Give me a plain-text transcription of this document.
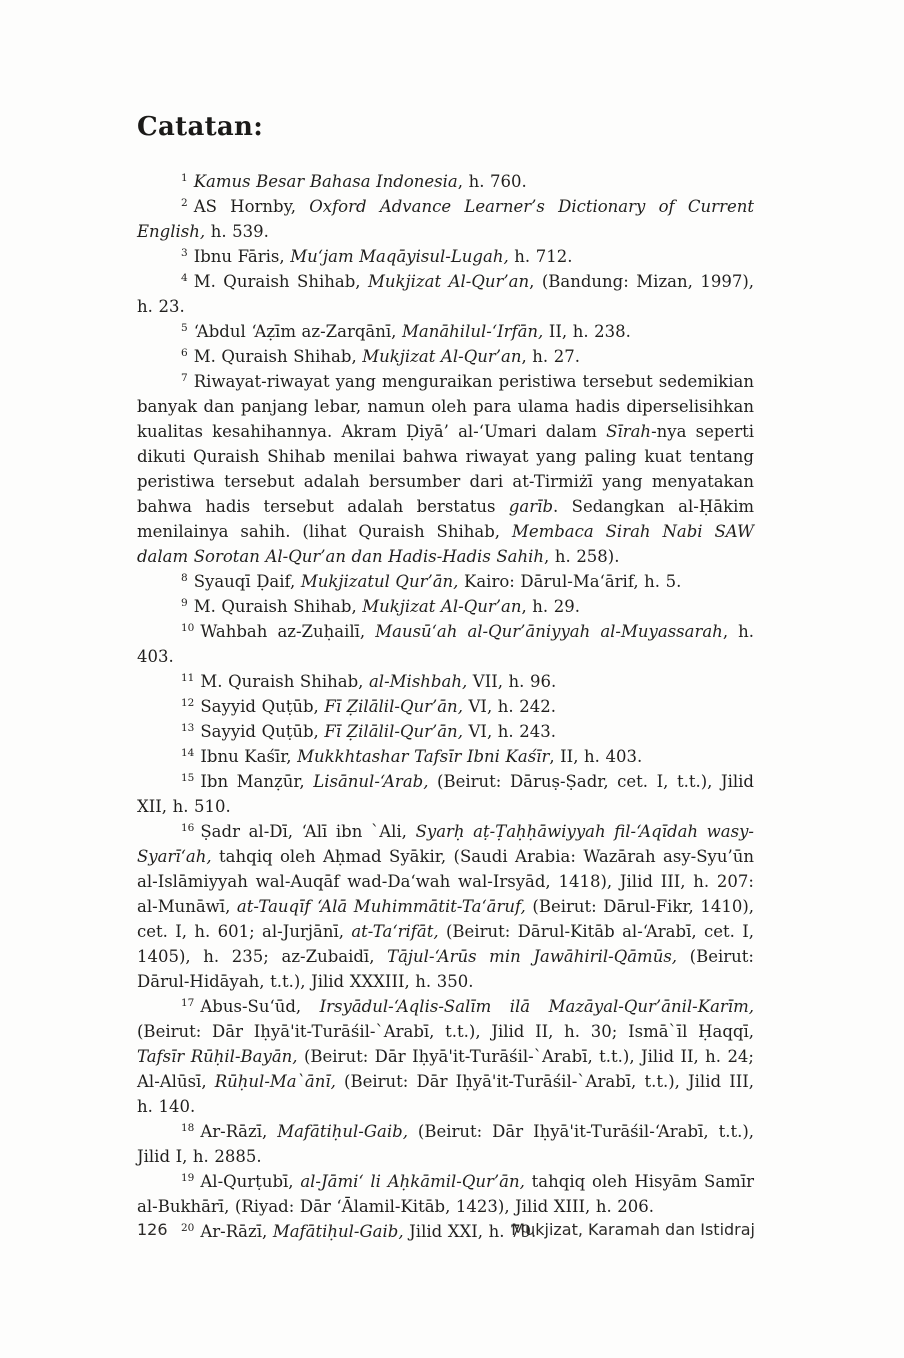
Catatan:

$^1$ Kamus Besar Bahasa Indonesia, h. 760.

$^2$ AS Hornby, Oxford Advance Learner’s Dictionary of Current English, h. 539.

$^3$ Ibnu Fāris, Mu‘jam Maqāyisul-Lugah, h. 712.

$^4$ M. Quraish Shihab, Mukjizat Al-Qur’an, (Bandung: Mizan, 1997), h. 23.

$^5$ ‘Abdul ‘Aẓīm az-Zarqānī, Manāhilul-‘Irfān, II, h. 238.

$^6$ M. Quraish Shihab, Mukjizat Al-Qur’an, h. 27.

$^7$ Riwayat-riwayat yang menguraikan peristiwa tersebut sedemikian banyak dan panjang lebar, namun oleh para ulama hadis diperselisihkan kualitas kesahihannya. Akram Ḍiyā’ al-‘Umari dalam Sīrah-nya seperti dikuti Quraish Shihab menilai bahwa riwayat yang paling kuat tentang peristiwa tersebut adalah bersumber dari at-Tirmiżī yang menyatakan bahwa hadis tersebut adalah berstatus garīb. Sedangkan al-Ḥākim menilainya sahih. (lihat Quraish Shihab, Membaca Sirah Nabi SAW dalam Sorotan Al-Qur’an dan Hadis-Hadis Sahih, h. 258).

$^8$ Syauqī Ḍaif, Mukjizatul Qur’ān, Kairo: Dārul-Ma‘ārif, h. 5.

$^9$ M. Quraish Shihab, Mukjizat Al-Qur’an, h. 29.

$^{10}$ Wahbah az-Zuḥailī, Mausū‘ah al-Qur’āniyyah al-Muyassarah, h. 403.

$^{11}$ M. Quraish Shihab, al-Mishbah, VII, h. 96.

$^{12}$ Sayyid Quṭūb, Fī Ẓilālil-Qur’ān, VI, h. 242.

$^{13}$ Sayyid Quṭūb, Fī Ẓilālil-Qur’ān, VI, h. 243.

$^{14}$ Ibnu Kaśīr, Mukkhtashar Tafsīr Ibni Kaśīr, II, h. 403.

$^{15}$ Ibn Manẓūr, Lisānul-‘Arab, (Beirut: Dāruṣ-Ṣadr, cet. I, t.t.), Jilid XII, h. 510.

$^{16}$ Ṣadr al-Dī, ‘Alī ibn `Ali, Syarḥ aṭ-Ṭaḥḥāwiyyah fil-‘Aqīdah wasy-Syarī‘ah, tahqiq oleh Aḥmad Syākir, (Saudi Arabia: Wazārah asy-Syu’ūn al-Islāmiyyah wal-Auqāf wad-Da‘wah wal-Irsyād, 1418), Jilid III, h. 207: al-Munāwī, at-Tauqīf ‘Alā Muhimmātit-Ta‘āruf, (Beirut: Dārul-Fikr, 1410), cet. I, h. 601; al-Jurjānī, at-Ta‘rifāt, (Beirut: Dārul-Kitāb al-‘Arabī, cet. I, 1405), h. 235; az-Zubaidī, Tājul-‘Arūs min Jawāhiril-Qāmūs, (Beirut: Dārul-Hidāyah, t.t.), Jilid XXXIII, h. 350.

$^{17}$ Abus-Su‘ūd, Irsyādul-‘Aqlis-Salīm ilā Mazāyal-Qur’ānil-Karīm, (Beirut: Dār Iḥyā'it-Turāśil-`Arabī, t.t.), Jilid II, h. 30; Ismā`īl Ḥaqqī, Tafsīr Rūḥil-Bayān, (Beirut: Dār Iḥyā'it-Turāśil-`Arabī, t.t.), Jilid II, h. 24; Al-Alūsī, Rūḥul-Ma`ānī, (Beirut: Dār Iḥyā'it-Turāśil-`Arabī, t.t.), Jilid III, h. 140.

$^{18}$ Ar-Rāzī, Mafātiḥul-Gaib, (Beirut: Dār Iḥyā'it-Turāśil-‘Arabī, t.t.), Jilid I, h. 2885.

$^{19}$ Al-Qurṭubī, al-Jāmi‘ li Aḥkāmil-Qur’ān, tahqiq oleh Hisyām Samīr al-Bukhārī, (Riyad: Dār ‘Ālamil-Kitāb, 1423), Jilid XIII, h. 206.

$^{20}$ Ar-Rāzī, Mafātiḥul-Gaib, Jilid XXI, h. 79.

126	Mukjizat, Karamah dan Istidraj
